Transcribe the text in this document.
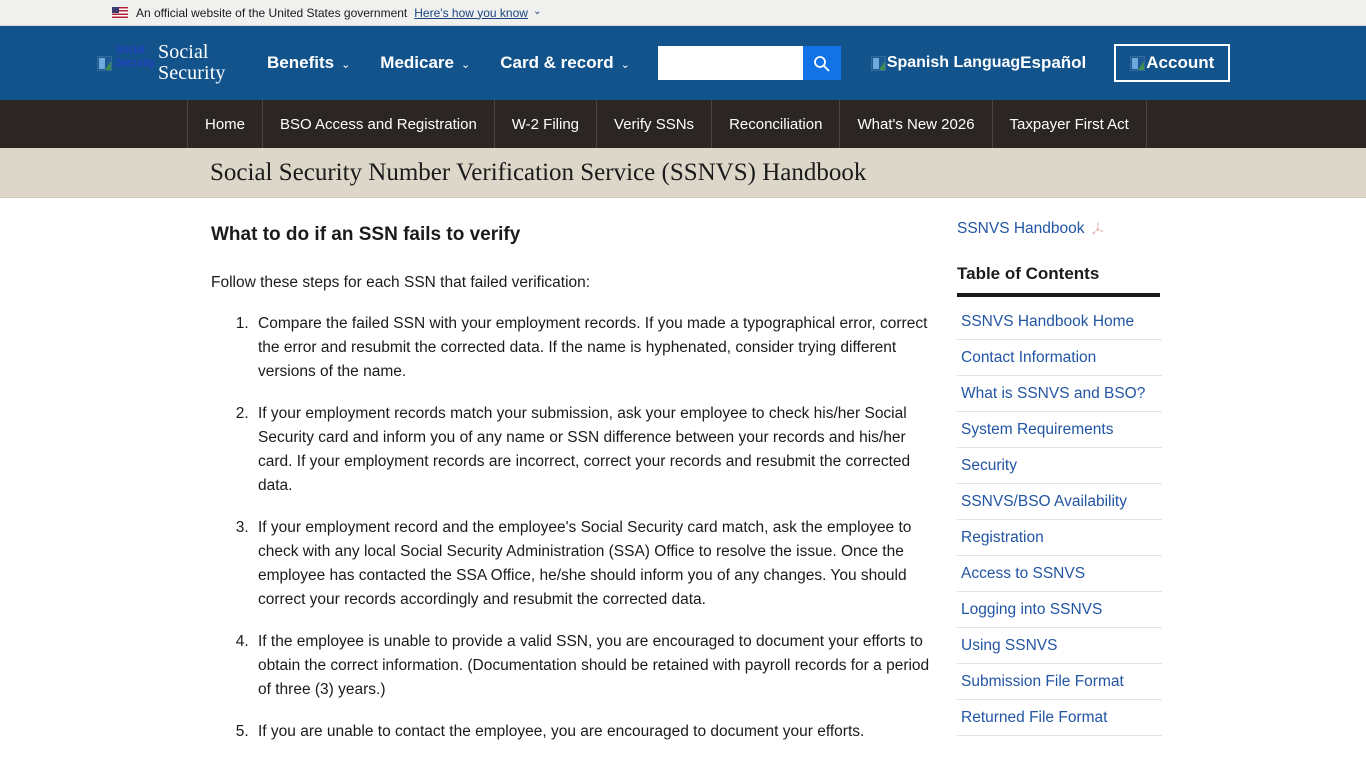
An official website of the United States government Here's how you know ⌄
Social Security Social
Security Benefits ⌄ Medicare ⌄ Card & record ⌄	Spanish Languag Español	Account
Home	BSO Access and Registration	W-2 Filing	Verify SSNs	Reconciliation	What's New 2026	Taxpayer First Act
Social Security Number Verification Service (SSNVS) Handbook
What to do if an SSN fails to verify

Follow these steps for each SSN that failed verification:

1. Compare the failed SSN with your employment records. If you made a typographical error, correct the error and resubmit the corrected data. If the name is hyphenated, consider trying different versions of the name.
2. If your employment records match your submission, ask your employee to check his/her Social Security card and inform you of any name or SSN difference between your records and his/her card. If your employment records are incorrect, correct your records and resubmit the corrected data.
3. If your employment record and the employee's Social Security card match, ask the employee to check with any local Social Security Administration (SSA) Office to resolve the issue. Once the employee has contacted the SSA Office, he/she should inform you of any changes. You should correct your records accordingly and resubmit the corrected data.
4. If the employee is unable to provide a valid SSN, you are encouraged to document your efforts to obtain the correct information. (Documentation should be retained with payroll records for a period of three (3) years.)
5. If you are unable to contact the employee, you are encouraged to document your efforts.
SSNVS Handbook
Table of Contents
SSNVS Handbook Home
Contact Information
What is SSNVS and BSO?
System Requirements
Security
SSNVS/BSO Availability
Registration
Access to SSNVS
Logging into SSNVS
Using SSNVS
Submission File Format
Returned File Format
